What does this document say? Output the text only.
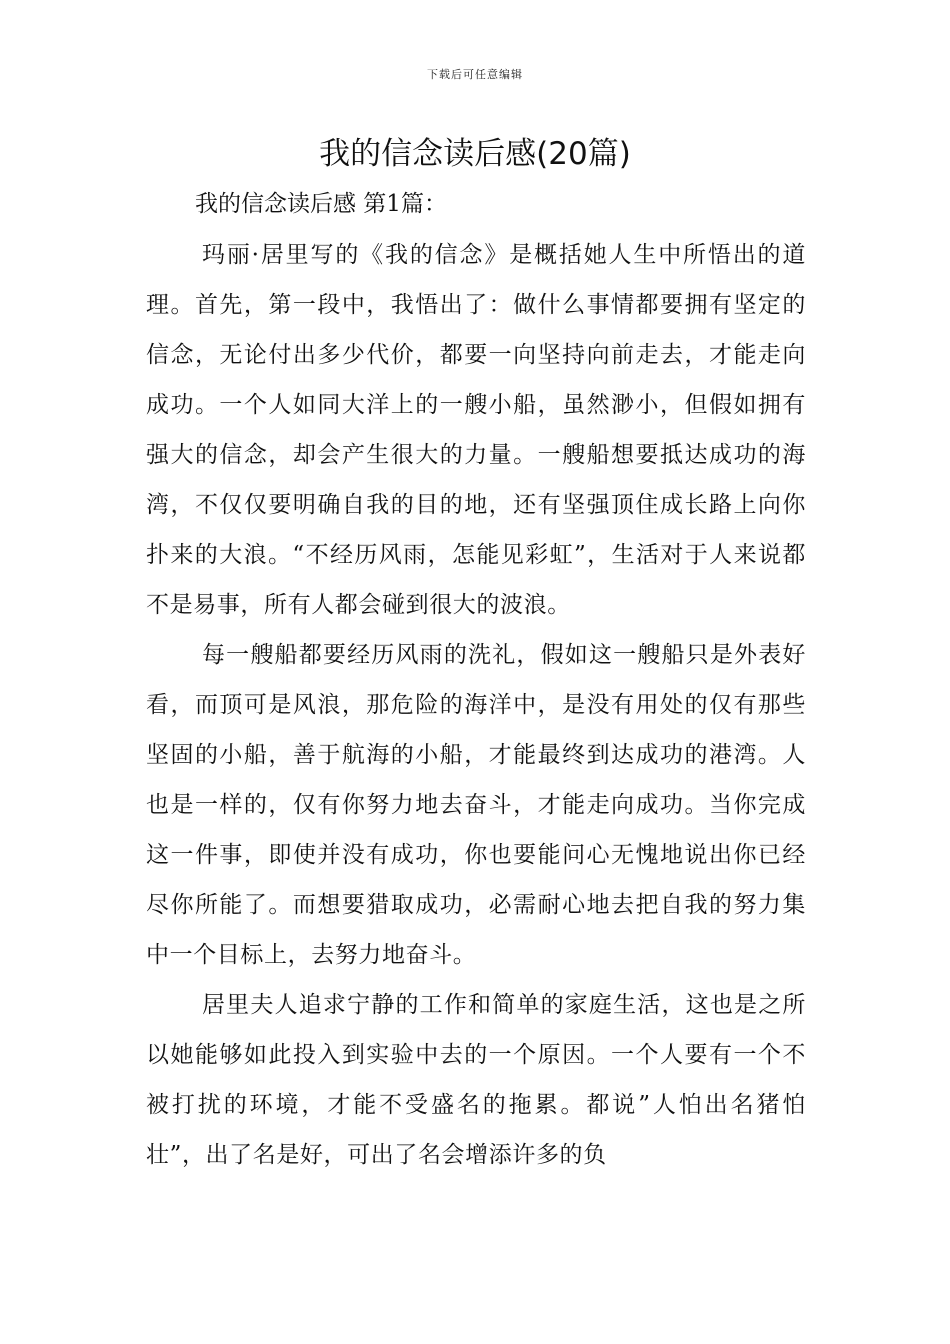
下载后可任意编辑
我的信念读后感(20篇)
我的信念读后感 第1篇：

玛丽·居里写的《我的信念》是概括她人生中所悟出的道理。首先，第一段中，我悟出了：做什么事情都要拥有坚定的信念，无论付出多少代价，都要一向坚持向前走去，才能走向成功。一个人如同大洋上的一艘小船，虽然渺小，但假如拥有强大的信念，却会产生很大的力量。一艘船想要抵达成功的海湾，不仅仅要明确自我的目的地，还有坚强顶住成长路上向你扑来的大浪。“不经历风雨，怎能见彩虹”，生活对于人来说都不是易事，所有人都会碰到很大的波浪。

每一艘船都要经历风雨的洗礼，假如这一艘船只是外表好看，而顶可是风浪，那危险的海洋中，是没有用处的仅有那些坚固的小船，善于航海的小船，才能最终到达成功的港湾。人也是一样的，仅有你努力地去奋斗，才能走向成功。当你完成这一件事，即使并没有成功，你也要能问心无愧地说出你已经尽你所能了。而想要猎取成功，必需耐心地去把自我的努力集中一个目标上，去努力地奋斗。

居里夫人追求宁静的工作和简单的家庭生活，这也是之所以她能够如此投入到实验中去的一个原因。一个人要有一个不被打扰的环境，才能不受盛名的拖累。都说”人怕出名猪怕壮”，出了名是好，可出了名会增添许多的负
